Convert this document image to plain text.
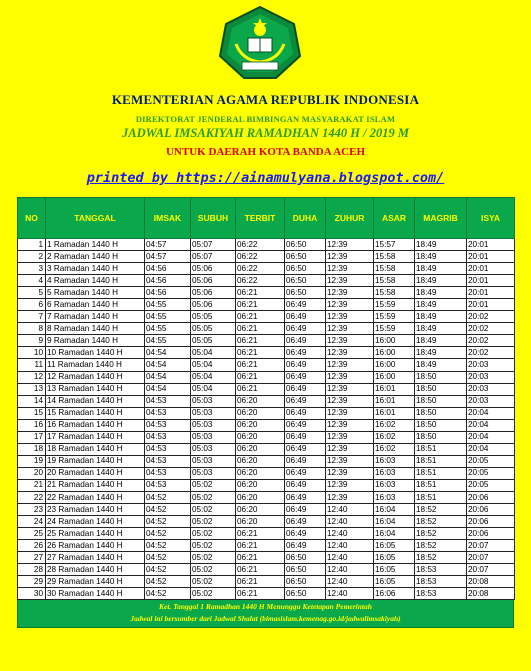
KEMENTERIAN AGAMA REPUBLIK INDONESIA
DIREKTORAT JENDERAL BIMBINGAN MASYARAKAT ISLAM
JADWAL IMSAKIYAH RAMADHAN 1440 H / 2019 M
UNTUK DAERAH KOTA BANDA ACEH
printed by https://ainamulyana.blogspot.com/
NO	TANGGAL	IMSAK	SUBUH	TERBIT	DUHA	ZUHUR	ASAR	MAGRIB	ISYA
1	1 Ramadan 1440 H	04:57	05:07	06:22	06:50	12:39	15:57	18:49	20:01
2	2 Ramadan 1440 H	04:57	05:07	06:22	06:50	12:39	15:58	18:49	20:01
3	3 Ramadan 1440 H	04:56	05:06	06:22	06:50	12:39	15:58	18:49	20:01
4	4 Ramadan 1440 H	04:56	05:06	06:22	06:50	12:39	15:58	18:49	20:01
5	5 Ramadan 1440 H	04:56	05:06	06:21	06:50	12:39	15:58	18:49	20:01
6	6 Ramadan 1440 H	04:55	05:06	06:21	06:49	12:39	15:59	18:49	20:01
7	7 Ramadan 1440 H	04:55	05:05	06:21	06:49	12:39	15:59	18:49	20:02
8	8 Ramadan 1440 H	04:55	05:05	06:21	06:49	12:39	15:59	18:49	20:02
9	9 Ramadan 1440 H	04:55	05:05	06:21	06:49	12:39	16:00	18:49	20:02
10	10 Ramadan 1440 H	04:54	05:04	06:21	06:49	12:39	16:00	18:49	20:02
11	11 Ramadan 1440 H	04:54	05:04	06:21	06:49	12:39	16:00	18:49	20:03
12	12 Ramadan 1440 H	04:54	05:04	06:21	06:49	12:39	16:00	18:50	20:03
13	13 Ramadan 1440 H	04:54	05:04	06:21	06:49	12:39	16:01	18:50	20:03
14	14 Ramadan 1440 H	04:53	05:03	06:20	06:49	12:39	16:01	18:50	20:03
15	15 Ramadan 1440 H	04:53	05:03	06:20	06:49	12:39	16:01	18:50	20:04
16	16 Ramadan 1440 H	04:53	05:03	06:20	06:49	12:39	16:02	18:50	20:04
17	17 Ramadan 1440 H	04:53	05:03	06:20	06:49	12:39	16:02	18:50	20:04
18	18 Ramadan 1440 H	04:53	05:03	06:20	06:49	12:39	16:02	18:51	20:04
19	19 Ramadan 1440 H	04:53	05:03	06:20	06:49	12:39	16:03	18:51	20:05
20	20 Ramadan 1440 H	04:53	05:03	06:20	06:49	12:39	16:03	18:51	20:05
21	21 Ramadan 1440 H	04:53	05:02	06:20	06:49	12:39	16:03	18:51	20:05
22	22 Ramadan 1440 H	04:52	05:02	06:20	06:49	12:39	16:03	18:51	20:06
23	23 Ramadan 1440 H	04:52	05:02	06:20	06:49	12:40	16:04	18:52	20:06
24	24 Ramadan 1440 H	04:52	05:02	06:20	06:49	12:40	16:04	18:52	20:06
25	25 Ramadan 1440 H	04:52	05:02	06:21	06:49	12:40	16:04	18:52	20:06
26	26 Ramadan 1440 H	04:52	05:02	06:21	06:49	12:40	16:05	18:52	20:07
27	27 Ramadan 1440 H	04:52	05:02	06:21	06:50	12:40	16:05	18:52	20:07
28	28 Ramadan 1440 H	04:52	05:02	06:21	06:50	12:40	16:05	18:53	20:07
29	29 Ramadan 1440 H	04:52	05:02	06:21	06:50	12:40	16:05	18:53	20:08
30	30 Ramadan 1440 H	04:52	05:02	06:21	06:50	12:40	16:06	18:53	20:08
Ket. Tanggal 1 Ramadhan 1440 H Menunggu Ketetapan Pemerintah
Jadwal ini bersumber dari Jadwal Shalat (bimasislam.kemenag.go.id/jadwalimsakiyah)
